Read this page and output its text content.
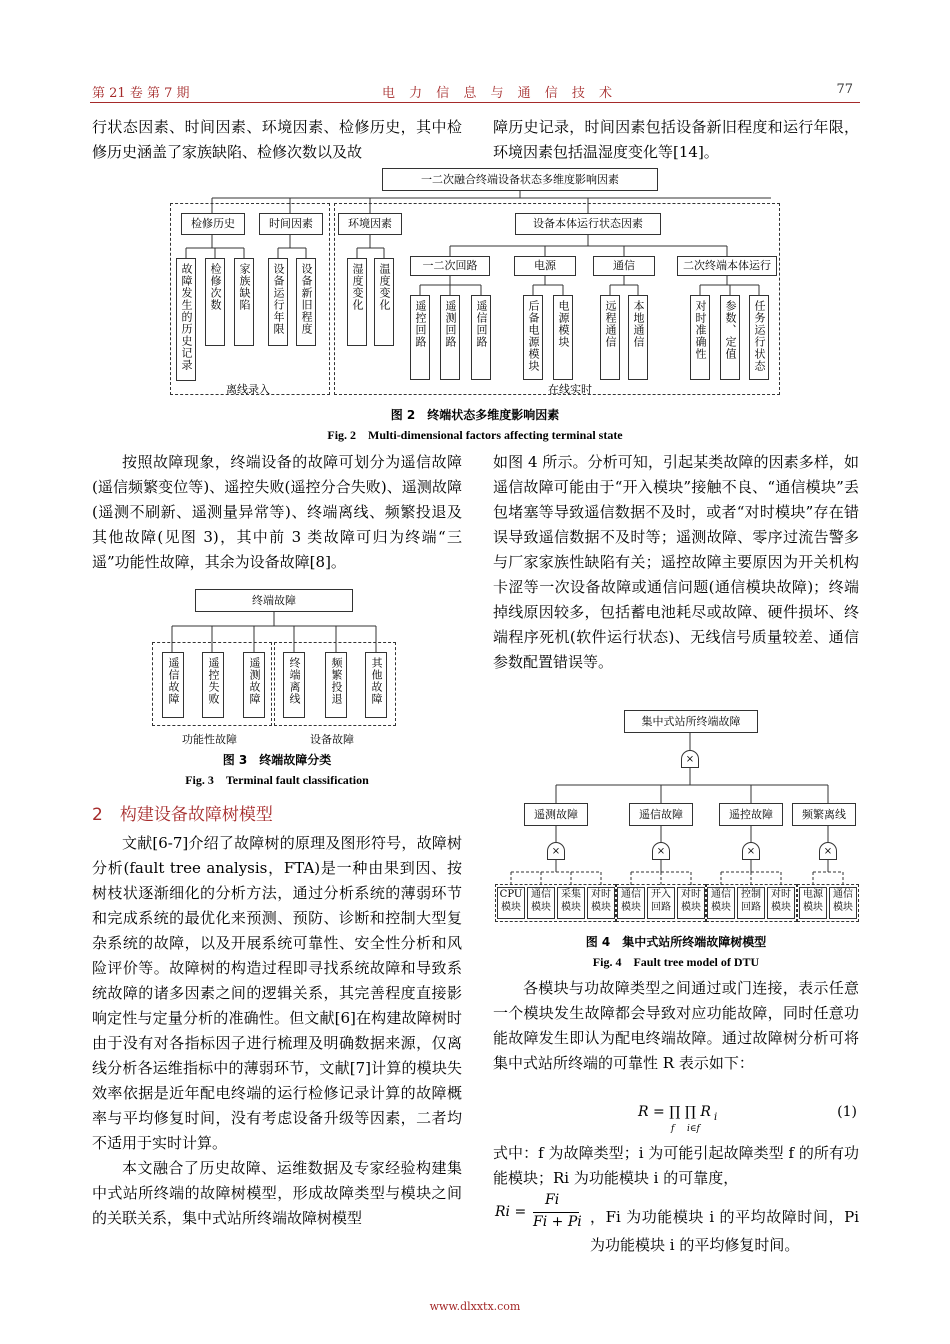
第 21 卷 第 7 期	电 力 信 息 与 通 信 技 术	77

行状态因素、时间因素、环境因素、检修历史，其中检修历史涵盖了家族缺陷、检修次数以及故

障历史记录，时间因素包括设备新旧程度和运行年限，环境因素包括温湿度变化等[14]。

一二次融合终端设备状态多维度影响因素
检修历史	时间因素	环境因素	设备本体运行状态因素
一二次回路	电源	通信	二次终端本体运行
故障发生的历史记录	检修次数	家族缺陷	设备运行年限	设备新旧程度	湿度变化	温度变化
遥控回路	遥测回路	遥信回路	后备电源模块	电源模块	远程通信	本地通信	对时准确性	参数、定值	任务运行状态
离线录入	在线实时
图 2　终端状态多维度影响因素
Fig. 2　Multi-dimensional factors affecting terminal state

按照故障现象，终端设备的故障可划分为遥信故障(遥信频繁变位等)、遥控失败(遥控分合失败)、遥测故障(遥测不刷新、遥测量异常等)、终端离线、频繁投退及其他故障(见图 3)，其中前 3 类故障可归为终端“三遥”功能性故障，其余为设备故障[8]。

终端故障
遥信故障	遥控失败	遥测故障	终端离线	频繁投退	其他故障
功能性故障	设备故障
图 3　终端故障分类
Fig. 3　Terminal fault classification
2　构建设备故障树模型

文献[6-7]介绍了故障树的原理及图形符号，故障树分析(fault tree analysis，FTA)是一种由果到因、按树枝状逐渐细化的分析方法，通过分析系统的薄弱环节和完成系统的最优化来预测、预防、诊断和控制大型复杂系统的故障，以及开展系统可靠性、安全性分析和风险评价等。故障树的构造过程即寻找系统故障和导致系统故障的诸多因素之间的逻辑关系，其完善程度直接影响定性与定量分析的准确性。但文献[6]在构建故障树时由于没有对各指标因子进行梳理及明确数据来源，仅离线分析各运维指标中的薄弱环节，文献[7]计算的模块失效率依据是近年配电终端的运行检修记录计算的故障概率与平均修复时间，没有考虑设备升级等因素，二者均不适用于实时计算。

本文融合了历史故障、运维数据及专家经验构建集中式站所终端的故障树模型，形成故障类型与模块之间的关联关系，集中式站所终端故障树模型

如图 4 所示。分析可知，引起某类故障的因素多样，如遥信故障可能由于“开入模块”接触不良、“通信模块”丢包堵塞等导致遥信数据不及时，或者“对时模块”存在错误导致遥信数据不及时等；遥测故障、零序过流告警多与厂家家族性缺陷有关；遥控故障主要原因为开关机构卡涩等一次设备故障或通信问题(通信模块故障)；终端掉线原因较多，包括蓄电池耗尽或故障、硬件损坏、终端程序死机(软件运行状态)、无线信号质量较差、通信参数配置错误等。

集中式站所终端故障
×
遥测故障	遥信故障	遥控故障	频繁离线
×	×	×	×
CPU模块
通信模块
采集模块
对时模块
通信模块
开入回路
对时模块
通信模块
控制回路
对时模块
电源模块
通信模块
图 4　集中式站所终端故障树模型
Fig. 4　Fault tree model of DTU

各模块与功故障类型之间通过或门连接，表示任意一个模块发生故障都会导致对应功能故障，同时任意功能故障发生即认为配电终端故障。通过故障树分析可将集中式站所终端的可靠性 R 表示如下：

R = ∏ ∏ R i
f i∈f
(1)

式中：f 为故障类型；i 为可能引起故障类型 f 的所有功能模块；Ri 为功能模块 i 的可靠度，

Ri =
Fi
Fi + Pi ，Fi 为功能模块 i 的平均故障时间，Pi 为功能模块 i 的平均修复时间。

www.dlxxtx.com
